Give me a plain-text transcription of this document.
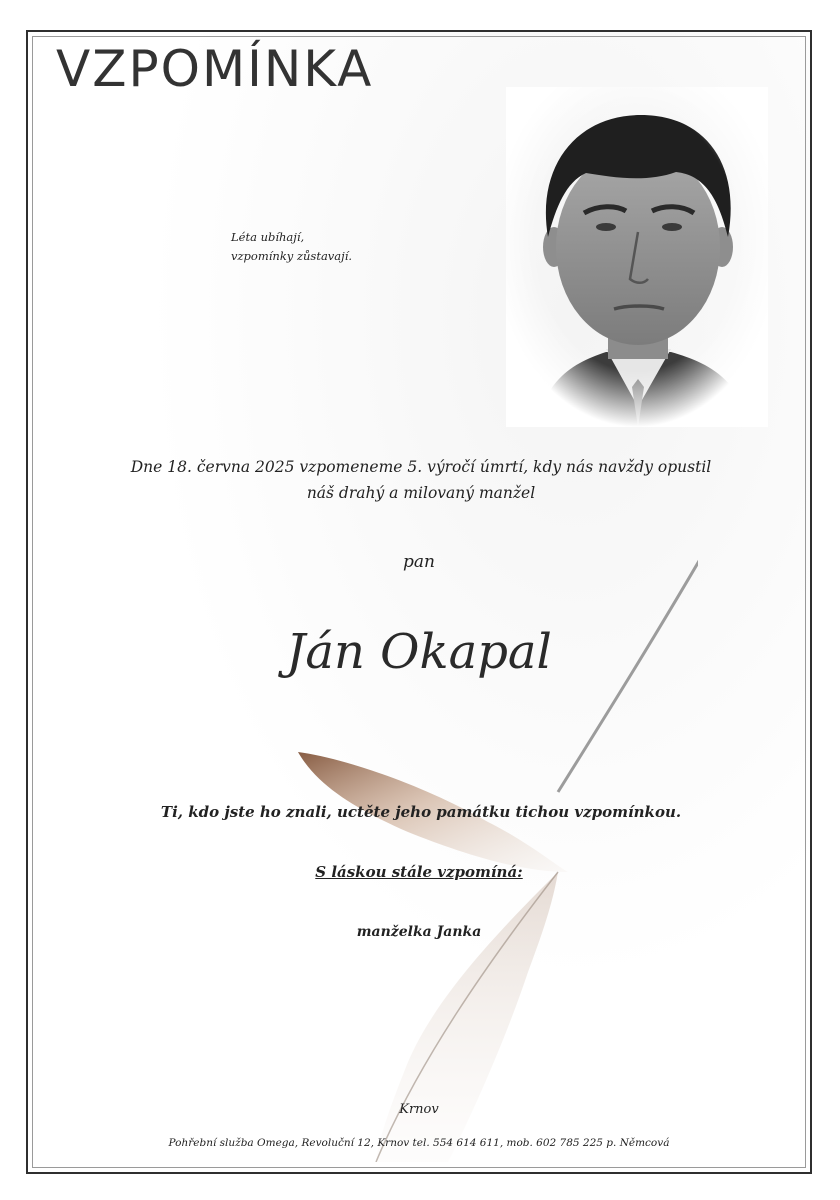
VZPOMÍNKA
Léta ubíhají,
vzpomínky zůstavají.
Dne 18. června 2025 vzpomeneme 5. výročí úmrtí, kdy nás navždy opustil
náš drahý a milovaný manžel
pan
Ján Okapal
Ti, kdo jste ho znali, uctěte jeho památku tichou vzpomínkou.
S láskou stále vzpomíná:
manželka Janka
Krnov
Pohřební služba Omega, Revoluční 12, Krnov tel. 554 614 611, mob. 602 785 225 p. Němcová
